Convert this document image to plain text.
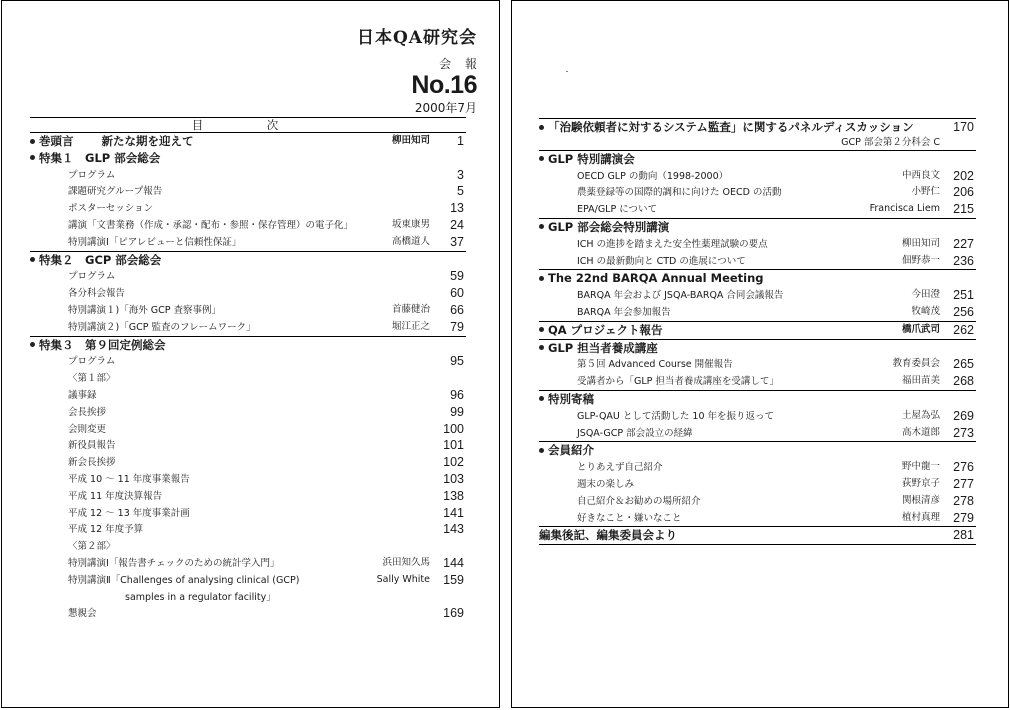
日本QA研究会
会 報
No.16
2000年7月
目　次
巻頭言 新たな期を迎えて	柳田知司 1
特集１　GLP 部会総会
プログラム	3
課題研究グループ報告	5
ポスターセッション	13
講演「文書業務（作成・承認・配布・参照・保存管理）の電子化」	坂東康男 24
特別講演Ⅰ「ピアレビューと信頼性保証」	高橋道人 37
特集２　GCP 部会総会
プログラム	59
各分科会報告	60
特別講演１)「海外 GCP 査察事例」	首藤健治 66
特別講演２)「GCP 監査のフレームワーク」	堀江正之 79
特集３　第９回定例総会
プログラム	95
〈第１部〉
議事録	96
会長挨拶	99
会則変更	100
新役員報告	101
新会長挨拶	102
平成 10 ～ 11 年度事業報告	103
平成 11 年度決算報告	138
平成 12 ～ 13 年度事業計画	141
平成 12 年度予算	143
〈第２部〉
特別講演Ⅰ「報告書チェックのための統計学入門」	浜田知久馬 144
特別講演Ⅱ「Challenges of analysing clinical (GCP)	Sally White 159
samples in a regulator facility」
懇親会	169
「治験依頼者に対するシステム監査」に関するパネルディスカッション	170
GCP 部会第２分科会 C
GLP 特別講演会
OECD GLP の動向（1998-2000）	中西良文 202
農薬登録等の国際的調和に向けた OECD の活動	小野仁 206
EPA/GLP について	Francisca Liem 215
GLP 部会総会特別講演
ICH の進捗を踏まえた安全性薬理試験の要点	柳田知司 227
ICH の最新動向と CTD の進展について	佃野恭一 236
The 22nd BARQA Annual Meeting
BARQA 年会および JSQA-BARQA 合同会議報告	今田澄 251
BARQA 年会参加報告	牧崎茂 256
QA プロジェクト報告	橋爪武司 262
GLP 担当者養成講座
第５回 Advanced Course 開催報告	教育委員会 265
受講者から「GLP 担当者養成講座を受講して」	福田苗美 268
特別寄稿
GLP-QAU として活動した 10 年を振り返って	土屋為弘 269
JSQA-GCP 部会設立の経緯	高木道郎 273
会員紹介
とりあえず自己紹介	野中龍一 276
週末の楽しみ	荻野京子 277
自己紹介＆お勧めの場所紹介	関根清彦 278
好きなこと・嫌いなこと	植村真理 279
編集後記、編集委員会より	281
